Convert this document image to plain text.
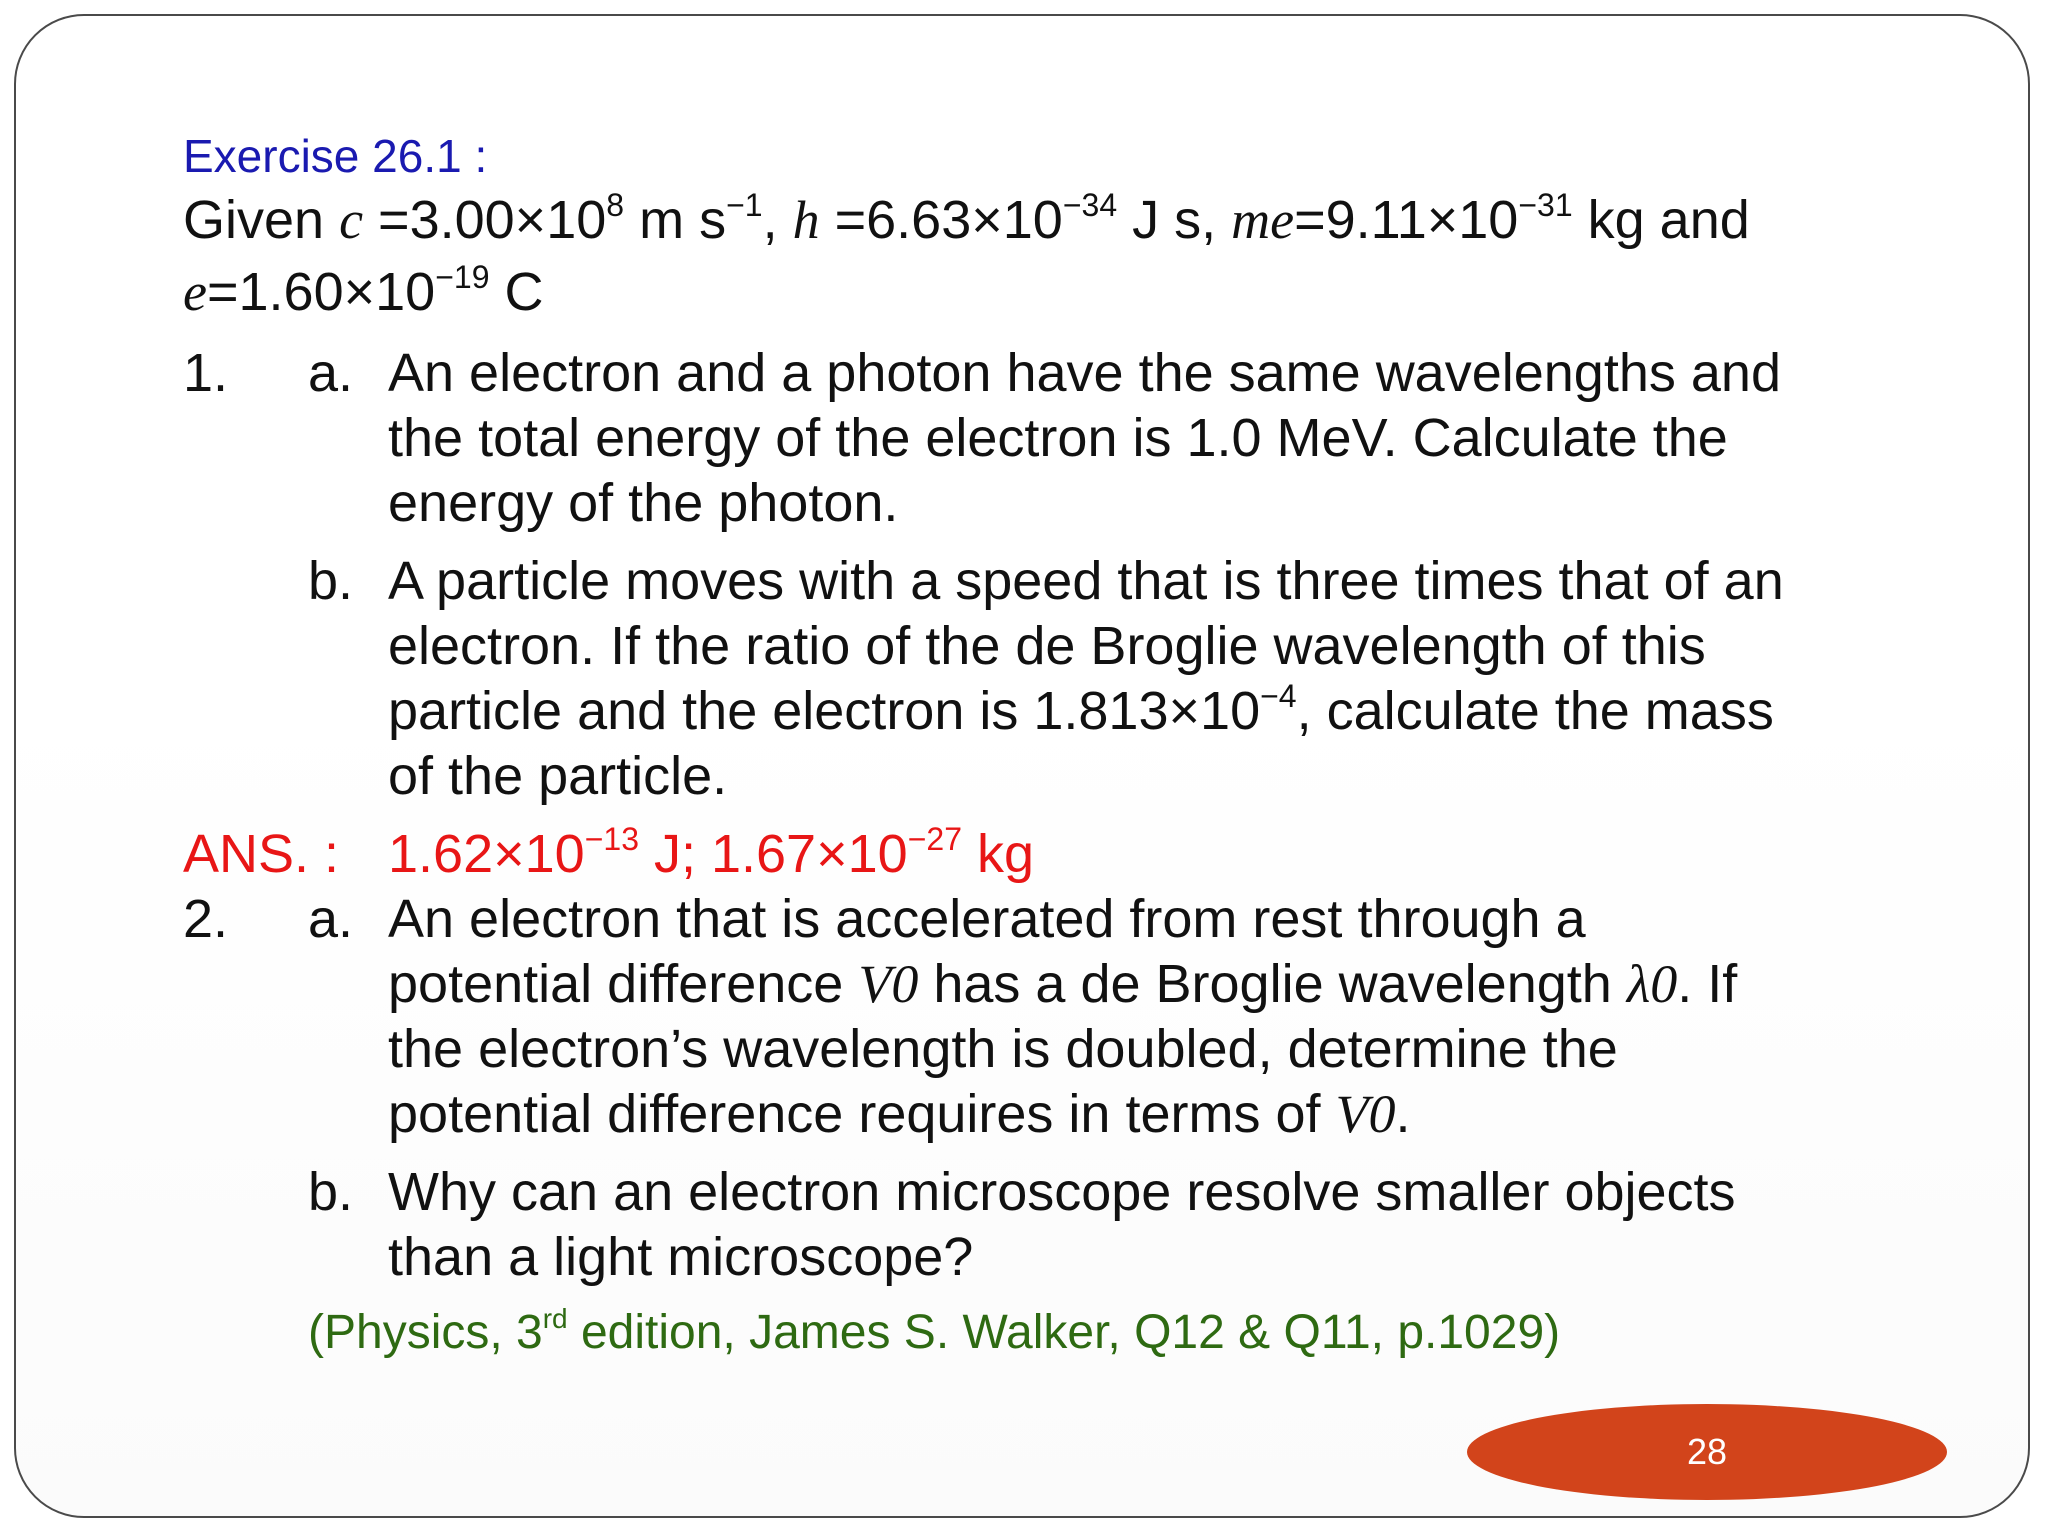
Exercise 26.1 :
Given $c =3.00\times 10^8$ m $s^{-1}$, $h =6.63\times 10^{-34}$ J s, $me=9.11\times 10^{-31}$ kg and
$e=1.60\times 10^{-19}$ C
1. a. An electron and a photon have the same wavelengths and
the total energy of the electron is 1.0 MeV. Calculate the
energy of the photon.
b. A particle moves with a speed that is three times that of an
electron. If the ratio of the de Broglie wavelength of this
particle and the electron is $1.813\times 10^{-4}$, calculate the mass
of the particle.
ANS. : $1.62\times 10^{-13}$ J; $1.67\times 10^{-27}$ kg
2. a. An electron that is accelerated from rest through a
potential difference V0 has a de Broglie wavelength λ0. If
the electron’s wavelength is doubled, determine the
potential difference requires in terms of V0.
b. Why can an electron microscope resolve smaller objects
than a light microscope?
(Physics, 3rd edition, James S. Walker, Q12 & Q11, p.1029)
28
